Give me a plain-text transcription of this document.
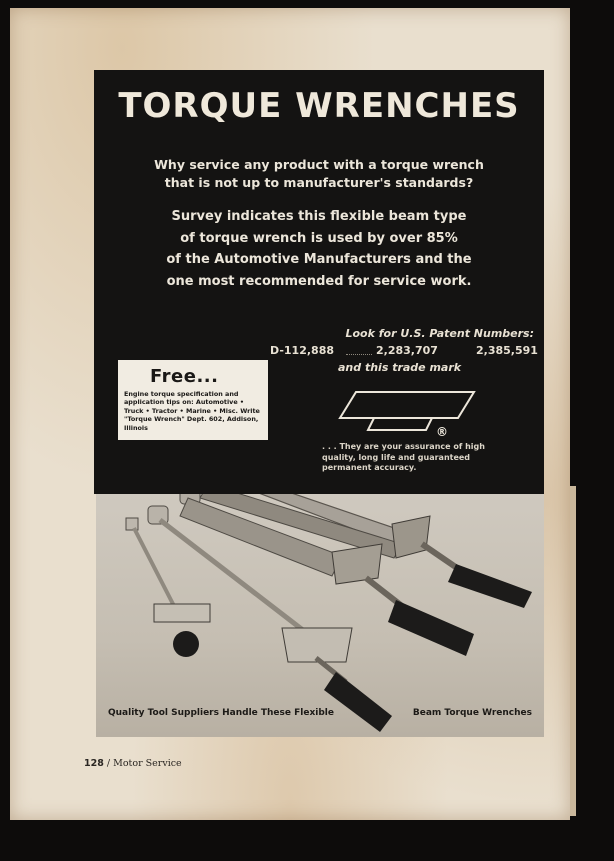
TORQUE WRENCHES
Why service any product with a torque wrench
that is not up to manufacturer's standards?
Survey indicates this flexible beam type
of torque wrench is used by over 85%
of the Automotive Manufacturers and the
one most recommended for service work.
Free...
Engine torque specification and application tips on: Automotive • Truck • Tractor • Marine • Misc. Write "Torque Wrench" Dept. 602, Addison, Illinois
Look for U.S. Patent Numbers:
D-112,888	2,283,707	2,385,591
and this trade mark
®
. . . They are your assurance of high
quality, long life and guaranteed
permanent accuracy.
Quality Tool Suppliers Handle These Flexible	Beam Torque Wrenches
128 / Motor Service
